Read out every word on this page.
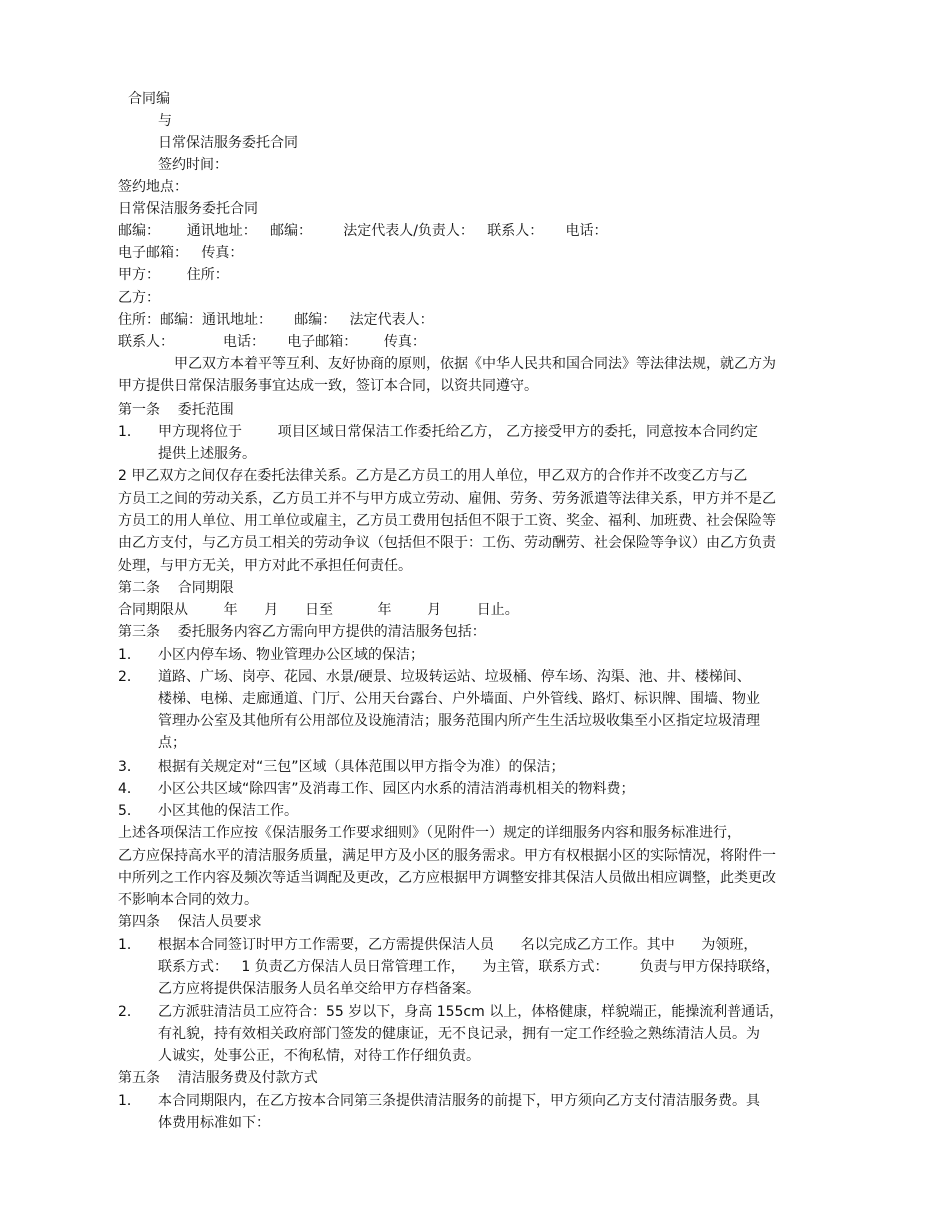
合同编
与
日常保洁服务委托合同
签约时间：
签约地点：
日常保洁服务委托合同
邮编：      通讯地址：   邮编：       法定代表人/负责人：   联系人：     电话：
电子邮箱：   传真：
甲方：      住所：
乙方：
住所：邮编：通讯地址：     邮编：   法定代表人：
联系人：           电话：     电子邮箱：      传真：
甲乙双方本着平等互利、友好协商的原则，依据《中华人民共和国合同法》等法律法规，就乙方为
甲方提供日常保洁服务事宜达成一致，签订本合同，以资共同遵守。
第一条    委托范围
1． 甲方现将位于        项目区域日常保洁工作委托给乙方， 乙方接受甲方的委托，同意按本合同约定
提供上述服务。
2 甲乙双方之间仅存在委托法律关系。乙方是乙方员工的用人单位，甲乙双方的合作并不改变乙方与乙
方员工之间的劳动关系，乙方员工并不与甲方成立劳动、雇佣、劳务、劳务派遣等法律关系，甲方并不是乙
方员工的用人单位、用工单位或雇主，乙方员工费用包括但不限于工资、奖金、福利、加班费、社会保险等
由乙方支付，与乙方员工相关的劳动争议（包括但不限于：工伤、劳动酬劳、社会保险等争议）由乙方负责
处理，与甲方无关，甲方对此不承担任何责任。
第二条    合同期限
合同期限从        年      月      日至          年        月        日止。
第三条    委托服务内容乙方需向甲方提供的清洁服务包括：
1． 小区内停车场、物业管理办公区域的保洁；
2． 道路、广场、岗亭、花园、水景/硬景、垃圾转运站、垃圾桶、停车场、沟渠、池、井、楼梯间、
楼梯、电梯、走廊通道、门厅、公用天台露台、户外墙面、户外管线、路灯、标识牌、围墙、物业
管理办公室及其他所有公用部位及设施清洁；服务范围内所产生生活垃圾收集至小区指定垃圾清理
点；
3． 根据有关规定对“三包”区域（具体范围以甲方指令为准）的保洁；
4． 小区公共区域“除四害”及消毒工作、园区内水系的清洁消毒机相关的物料费；
5． 小区其他的保洁工作。
上述各项保洁工作应按《保洁服务工作要求细则》（见附件一）规定的详细服务内容和服务标准进行，
乙方应保持高水平的清洁服务质量，满足甲方及小区的服务需求。甲方有权根据小区的实际情况，将附件一
中所列之工作内容及频次等适当调配及更改，乙方应根据甲方调整安排其保洁人员做出相应调整，此类更改
不影响本合同的效力。
第四条    保洁人员要求
1． 根据本合同签订时甲方工作需要，乙方需提供保洁人员      名以完成乙方工作。其中      为领班，
联系方式：   1 负责乙方保洁人员日常管理工作，    为主管，联系方式：       负责与甲方保持联络，
乙方应将提供保洁服务人员名单交给甲方存档备案。
2． 乙方派驻清洁员工应符合：55 岁以下，身高 155cm 以上，体格健康，样貌端正，能操流利普通话，
有礼貌，持有效相关政府部门签发的健康证，无不良记录，拥有一定工作经验之熟练清洁人员。为
人诚实，处事公正，不徇私情，对待工作仔细负责。
第五条    清洁服务费及付款方式
1． 本合同期限内，在乙方按本合同第三条提供清洁服务的前提下，甲方须向乙方支付清洁服务费。具
体费用标准如下：
